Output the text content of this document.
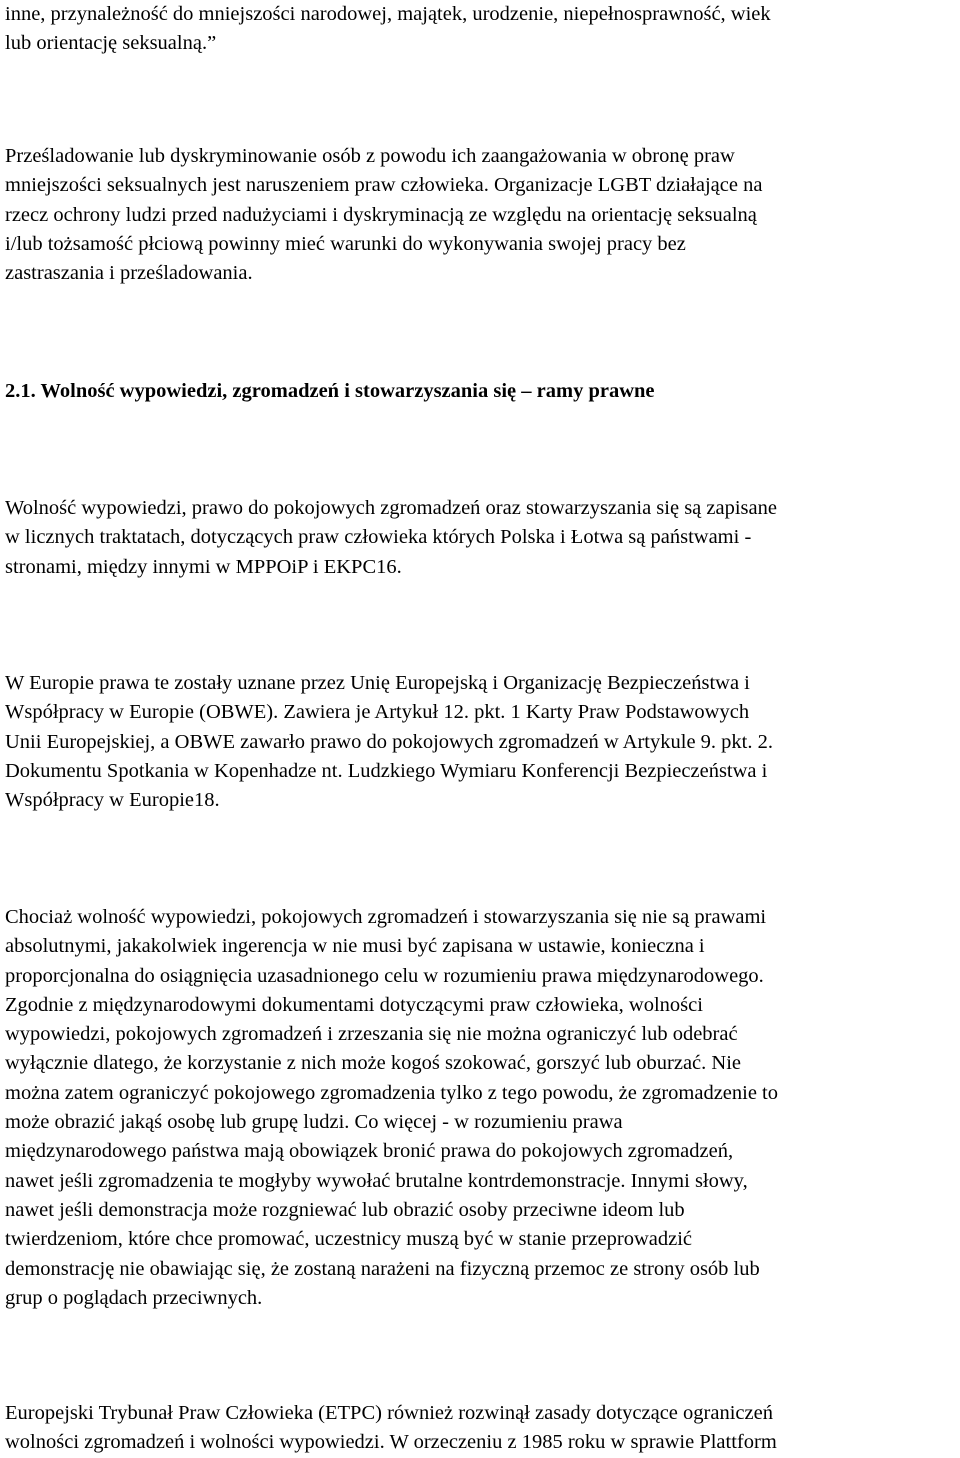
inne, przynależność do mniejszości narodowej, majątek, urodzenie, niepełnosprawność, wiek
lub orientację seksualną.”
Prześladowanie lub dyskryminowanie osób z powodu ich zaangażowania w obronę praw
mniejszości seksualnych jest naruszeniem praw człowieka. Organizacje LGBT działające na
rzecz ochrony ludzi przed nadużyciami i dyskryminacją ze względu na orientację seksualną
i/lub tożsamość płciową powinny mieć warunki do wykonywania swojej pracy bez
zastraszania i prześladowania.
2.1. Wolność wypowiedzi, zgromadzeń i stowarzyszania się – ramy prawne
Wolność wypowiedzi, prawo do pokojowych zgromadzeń oraz stowarzyszania się są zapisane
w licznych traktatach, dotyczących praw człowieka których Polska i Łotwa są państwami -
stronami, między innymi w MPPOiP i EKPC16.
W Europie prawa te zostały uznane przez Unię Europejską i Organizację Bezpieczeństwa i
Współpracy w Europie (OBWE). Zawiera je Artykuł 12. pkt. 1 Karty Praw Podstawowych
Unii Europejskiej, a OBWE zawarło prawo do pokojowych zgromadzeń w Artykule 9. pkt. 2.
Dokumentu Spotkania w Kopenhadze nt. Ludzkiego Wymiaru Konferencji Bezpieczeństwa i
Współpracy w Europie18.
Chociaż wolność wypowiedzi, pokojowych zgromadzeń i stowarzyszania się nie są prawami
absolutnymi, jakakolwiek ingerencja w nie musi być zapisana w ustawie, konieczna i
proporcjonalna do osiągnięcia uzasadnionego celu w rozumieniu prawa międzynarodowego.
Zgodnie z międzynarodowymi dokumentami dotyczącymi praw człowieka, wolności
wypowiedzi, pokojowych zgromadzeń i zrzeszania się nie można ograniczyć lub odebrać
wyłącznie dlatego, że korzystanie z nich może kogoś szokować, gorszyć lub oburzać. Nie
można zatem ograniczyć pokojowego zgromadzenia tylko z tego powodu, że zgromadzenie to
może obrazić jakąś osobę lub grupę ludzi. Co więcej - w rozumieniu prawa
międzynarodowego państwa mają obowiązek bronić prawa do pokojowych zgromadzeń,
nawet jeśli zgromadzenia te mogłyby wywołać brutalne kontrdemonstracje. Innymi słowy,
nawet jeśli demonstracja może rozgniewać lub obrazić osoby przeciwne ideom lub
twierdzeniom, które chce promować, uczestnicy muszą być w stanie przeprowadzić
demonstrację nie obawiając się, że zostaną narażeni na fizyczną przemoc ze strony osób lub
grup o poglądach przeciwnych.
Europejski Trybunał Praw Człowieka (ETPC) również rozwinął zasady dotyczące ograniczeń
wolności zgromadzeń i wolności wypowiedzi. W orzeczeniu z 1985 roku w sprawie Plattform
